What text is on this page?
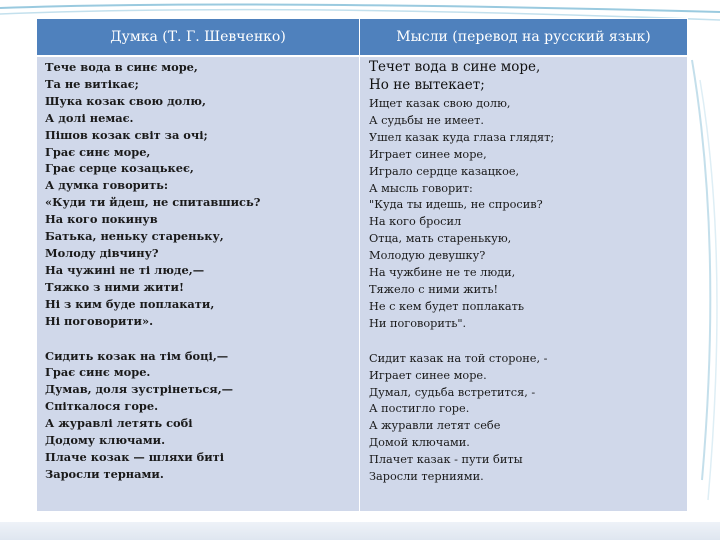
Думка (Т. Г. Шевченко)	Мысли (перевод на русский язык)
Тече вода в синє море,
Та не витікає;
Шука козак свою долю,
А долі немає.
Пішов козак світ за очі;
Грає синє море,
Грає серце козацькеє,
А думка говорить:
«Куди ти йдеш, не спитавшись?
На кого покинув
Батька, неньку стареньку,
Молоду дівчину?
На чужині не ті люде,—
Тяжко з ними жити!
Ні з ким буде поплакати,
Ні поговорити».
Сидить козак на тім боці,—
Грає синє море.
Думав, доля зустрінеться,—
Спіткалося горе.
А журавлі летять собі
Додому ключами.
Плаче козак — шляхи биті
Заросли тернами.
Течет вода в сине море,
Но не вытекает;
Ищет казак свою долю,
А судьбы не имеет.
Ушел казак куда глаза глядят;
Играет синее море,
Играло сердце казацкое,
А мысль говорит:
"Куда ты идешь, не спросив?
На кого бросил
Отца, мать старенькую,
Молодую девушку?
На чужбине не те люди,
Тяжело с ними жить!
Не с кем будет поплакать
Ни поговорить".
Сидит казак на той стороне, -
Играет синее море.
Думал, судьба встретится, -
А постигло горе.
А журавли летят себе
Домой ключами.
Плачет казак - пути биты
Заросли терниями.
